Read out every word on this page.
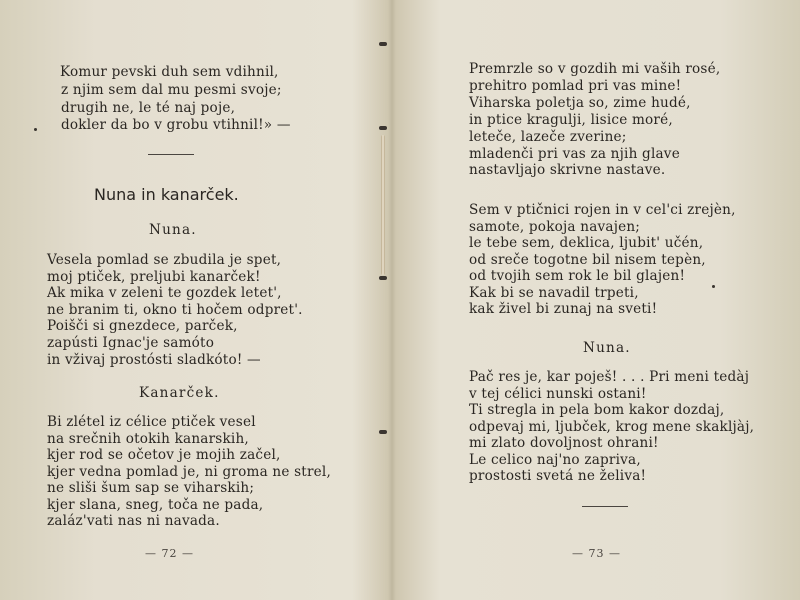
Komur pevski duh sem vdihnil,
z njim sem dal mu pesmi svoje;
drugih ne, le té naj poje,
dokler da bo v grobu vtihnil!» —
Nuna in kanarček.
Nuna.
Vesela pomlad se zbudila je spet,
moj ptiček, preljubi kanarček!
Ak mika v zeleni te gozdek letet',
ne branim ti, okno ti hočem odpret'.
Poišči si gnezdece, parček,
zapústi Ignac'je samóto
in vživaj prostósti sladkóto! —
Kanarček.
Bi zlétel iz célice ptiček vesel
na srečnih otokih kanarskih,
kjer rod se očetov je mojih začel,
kjer vedna pomlad je, ni groma ne strel,
ne sliši šum sap se viharskih;
kjer slana, sneg, toča ne pada,
zaláz'vati nas ni navada.
— 72 —
Premrzle so v gozdih mi vaših rosé,
prehitro pomlad pri vas mine!
Viharska poletja so, zime hudé,
in ptice kragulji, lisice moré,
leteče, lazeče zverine;
mladenči pri vas za njih glave
nastavljajo skrivne nastave.
Sem v ptičnici rojen in v cel'ci zrejèn,
samote, pokoja navajen;
le tebe sem, deklica, ljubit' učén,
od sreče togotne bil nisem tepèn,
od tvojih sem rok le bil glajen!
Kak bi se navadil trpeti,
kak živel bi zunaj na sveti!
Nuna.
Pač res je, kar poješ! . . . Pri meni tedàj
v tej célici nunski ostani!
Ti stregla in pela bom kakor dozdaj,
odpevaj mi, ljubček, krog mene skakljàj,
mi zlato dovoljnost ohrani!
Le celico naj'no zapriva,
prostosti svetá ne želiva!
— 73 —
